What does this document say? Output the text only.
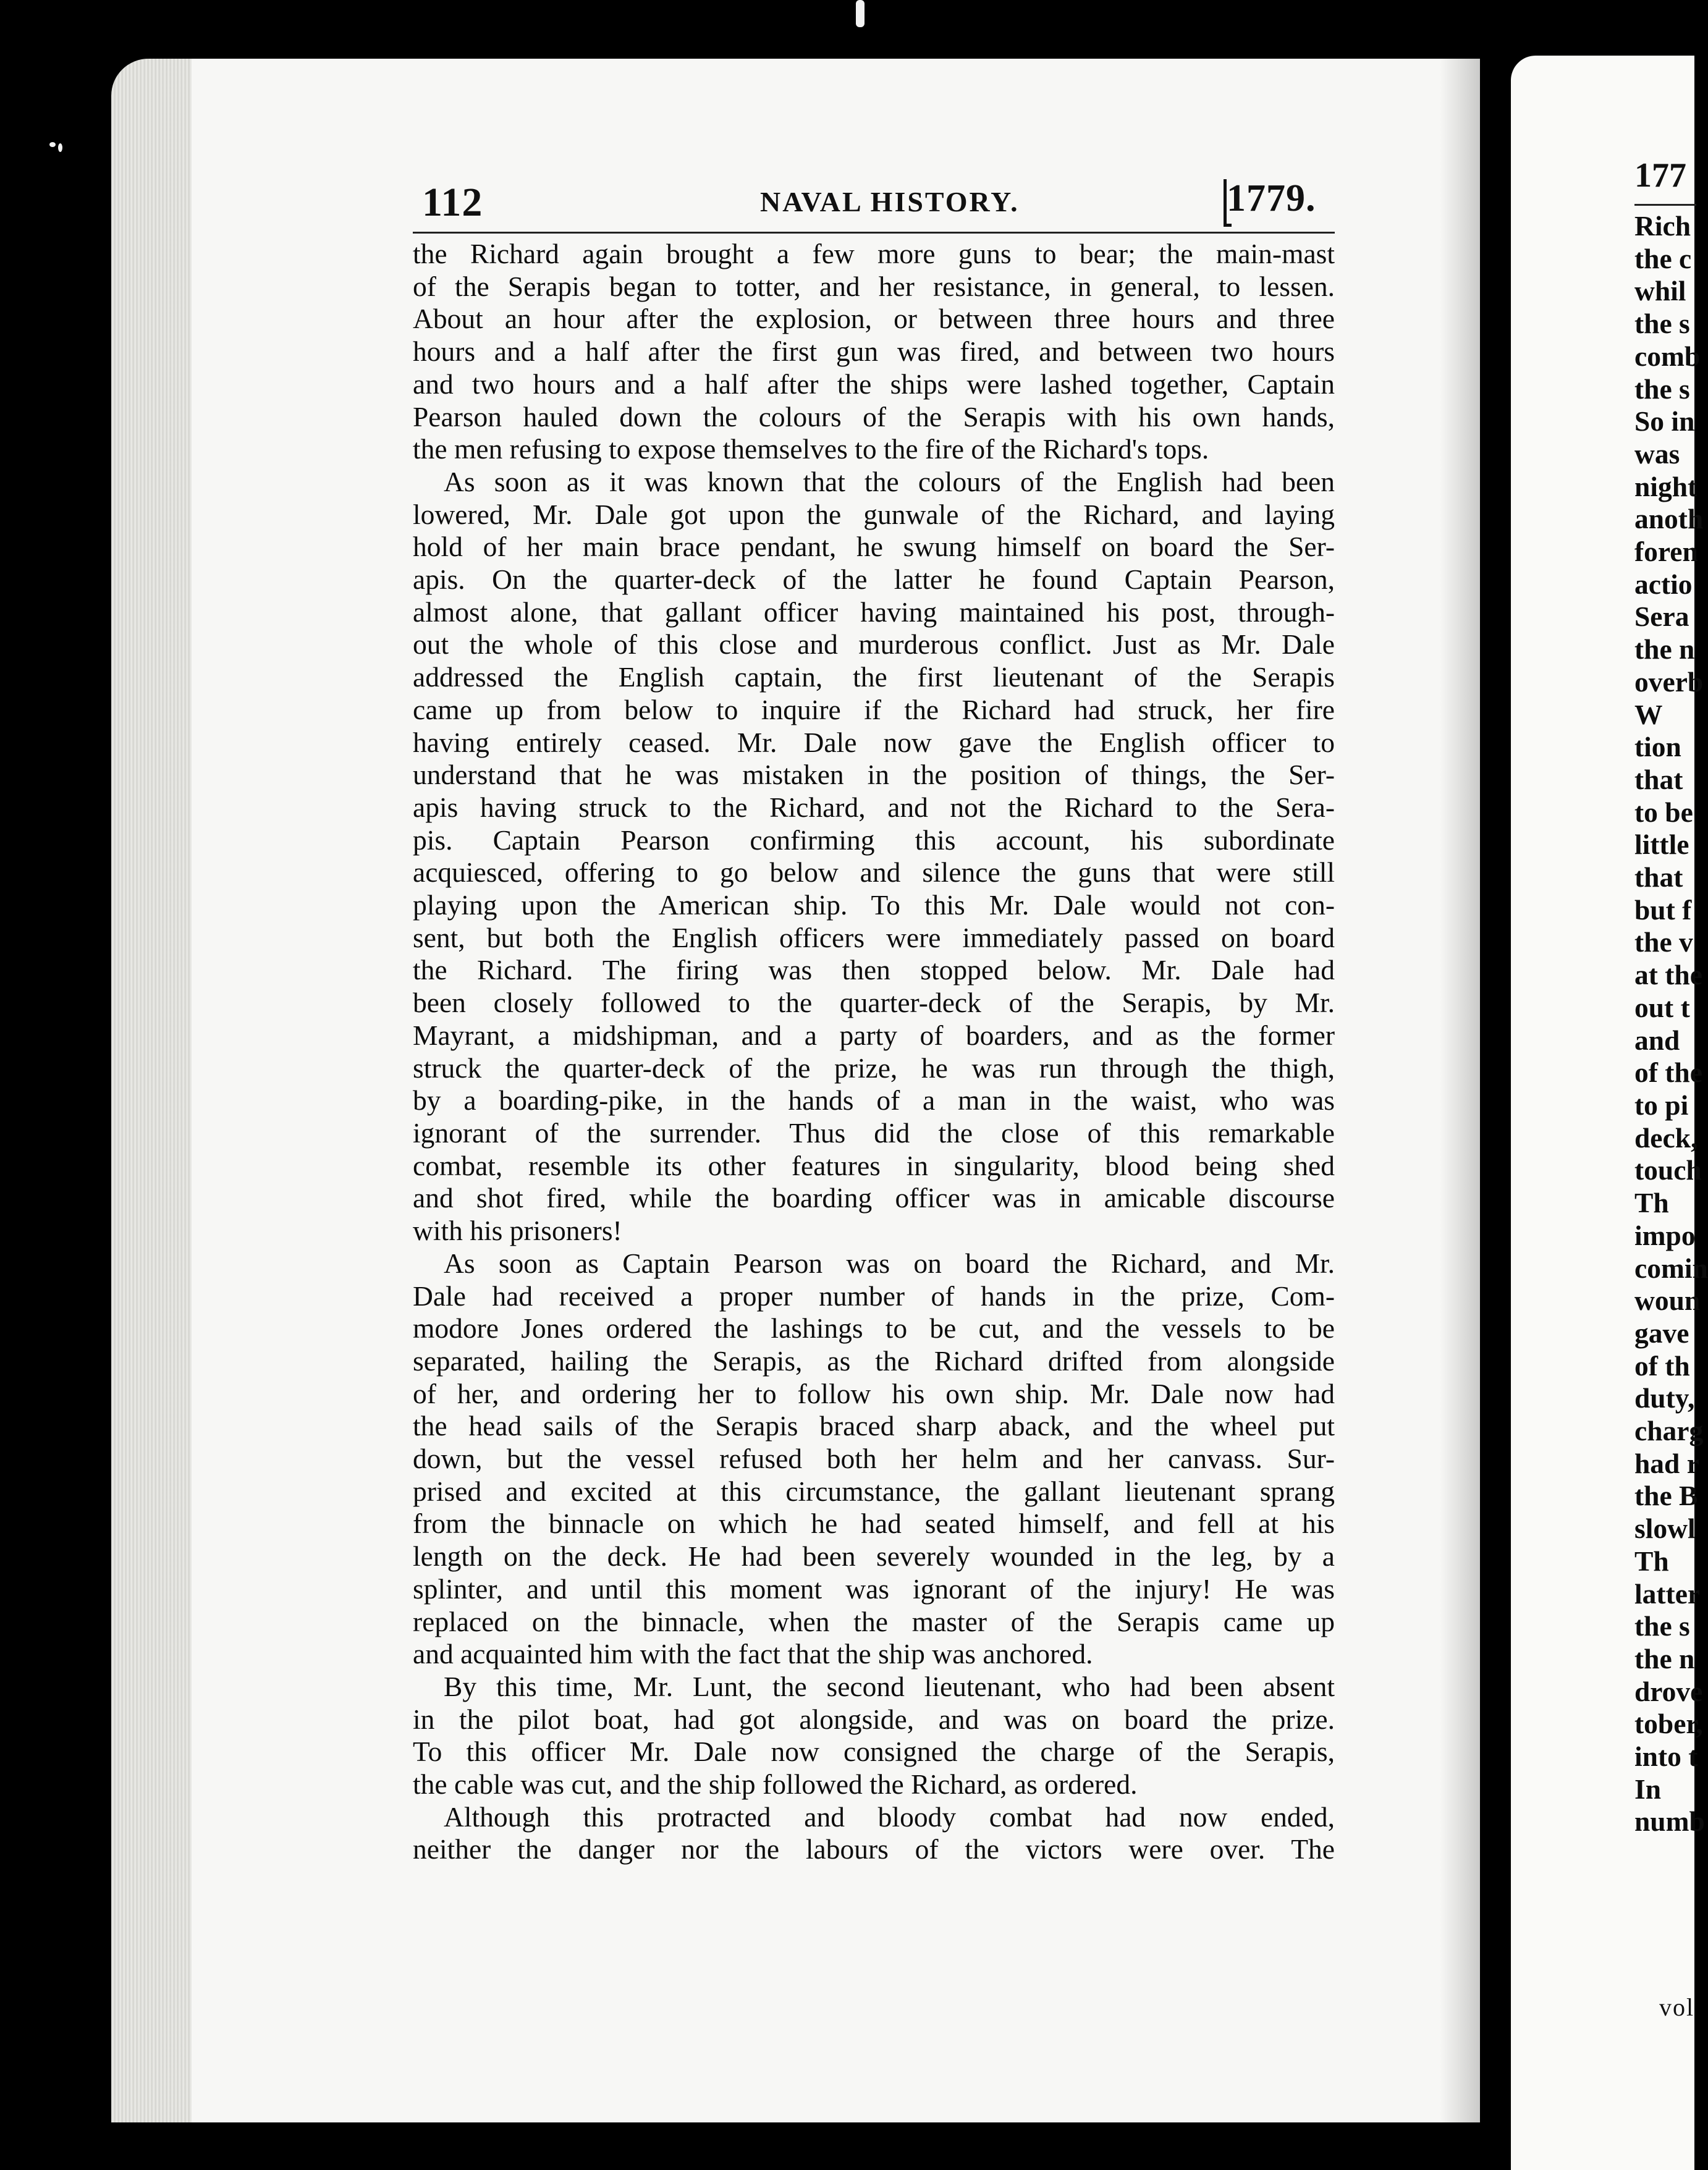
112	NAVAL HISTORY.	1779.
the Richard again brought a few more guns to bear; the main-mast
of the Serapis began to totter, and her resistance, in general, to lessen.
About an hour after the explosion, or between three hours and three
hours and a half after the first gun was fired, and between two hours
and two hours and a half after the ships were lashed together, Captain
Pearson hauled down the colours of the Serapis with his own hands,
the men refusing to expose themselves to the fire of the Richard's tops.
As soon as it was known that the colours of the English had been
lowered, Mr. Dale got upon the gunwale of the Richard, and laying
hold of her main brace pendant, he swung himself on board the Ser-
apis. On the quarter-deck of the latter he found Captain Pearson,
almost alone, that gallant officer having maintained his post, through-
out the whole of this close and murderous conflict. Just as Mr. Dale
addressed the English captain, the first lieutenant of the Serapis
came up from below to inquire if the Richard had struck, her fire
having entirely ceased. Mr. Dale now gave the English officer to
understand that he was mistaken in the position of things, the Ser-
apis having struck to the Richard, and not the Richard to the Sera-
pis. Captain Pearson confirming this account, his subordinate
acquiesced, offering to go below and silence the guns that were still
playing upon the American ship. To this Mr. Dale would not con-
sent, but both the English officers were immediately passed on board
the Richard. The firing was then stopped below. Mr. Dale had
been closely followed to the quarter-deck of the Serapis, by Mr.
Mayrant, a midshipman, and a party of boarders, and as the former
struck the quarter-deck of the prize, he was run through the thigh,
by a boarding-pike, in the hands of a man in the waist, who was
ignorant of the surrender. Thus did the close of this remarkable
combat, resemble its other features in singularity, blood being shed
and shot fired, while the boarding officer was in amicable discourse
with his prisoners!
As soon as Captain Pearson was on board the Richard, and Mr.
Dale had received a proper number of hands in the prize, Com-
modore Jones ordered the lashings to be cut, and the vessels to be
separated, hailing the Serapis, as the Richard drifted from alongside
of her, and ordering her to follow his own ship. Mr. Dale now had
the head sails of the Serapis braced sharp aback, and the wheel put
down, but the vessel refused both her helm and her canvass. Sur-
prised and excited at this circumstance, the gallant lieutenant sprang
from the binnacle on which he had seated himself, and fell at his
length on the deck. He had been severely wounded in the leg, by a
splinter, and until this moment was ignorant of the injury! He was
replaced on the binnacle, when the master of the Serapis came up
and acquainted him with the fact that the ship was anchored.
By this time, Mr. Lunt, the second lieutenant, who had been absent
in the pilot boat, had got alongside, and was on board the prize.
To this officer Mr. Dale now consigned the charge of the Serapis,
the cable was cut, and the ship followed the Richard, as ordered.
Although this protracted and bloody combat had now ended,
neither the danger nor the labours of the victors were over. The
177
Rich
the c
whil
the s
comb
the s
So in
was
night
anoth
foren
actio
Sera
the n
overb
W
tion
that
to be
little
that
but f
the v
at the
out t
and
of the
to pi
deck,
touch
Th
impo
comin
woun
gave
of th
duty,
charg
had r
the B
slowl
Th
latter
the s
the n
drove
tober,
into t
In
numb
vol
